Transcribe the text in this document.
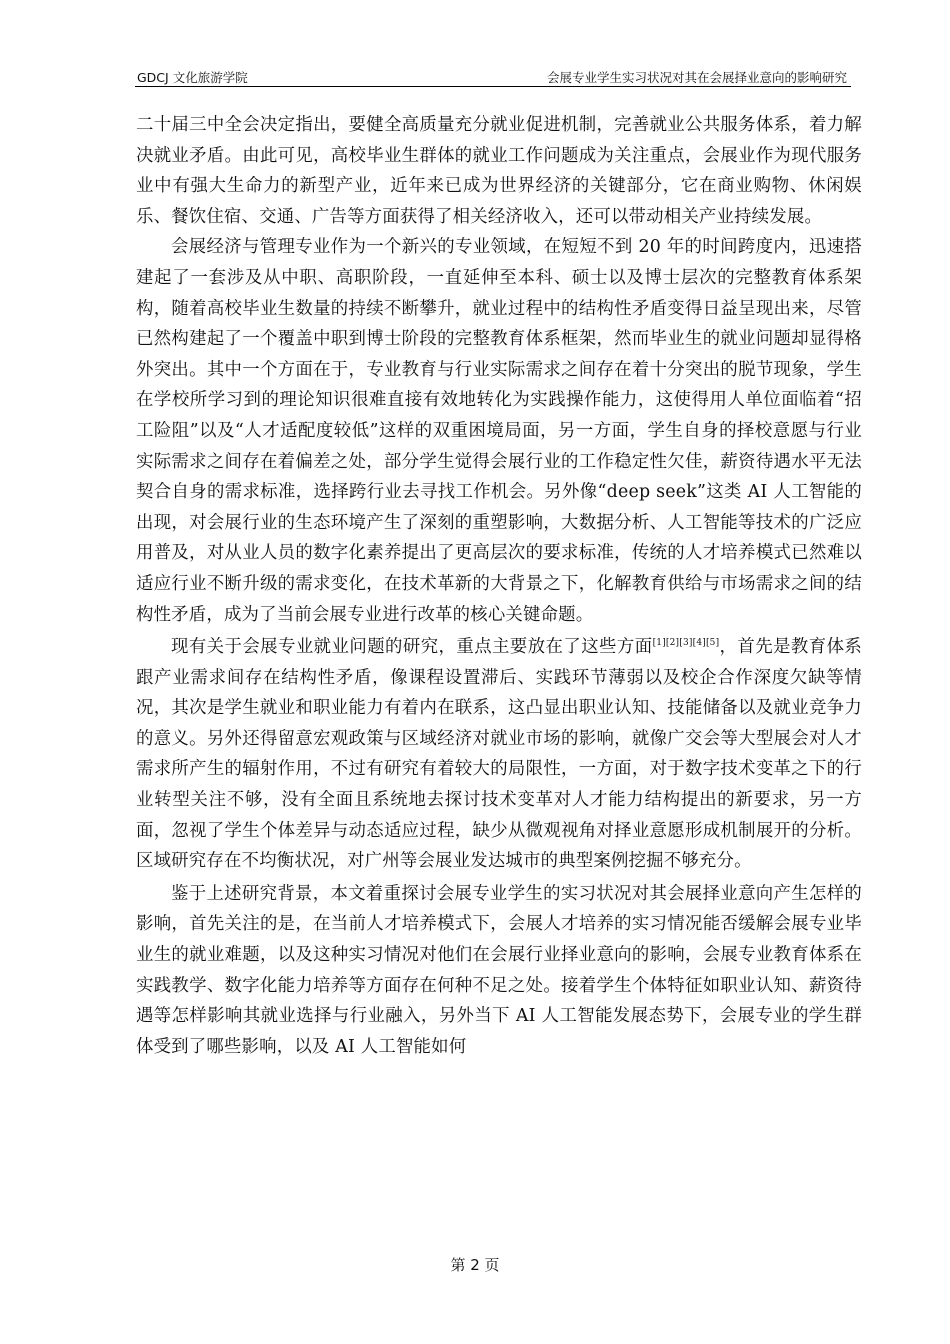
GDCJ 文化旅游学院	会展专业学生实习状况对其在会展择业意向的影响研究

二十届三中全会决定指出，要健全高质量充分就业促进机制，完善就业公共服务体系，着力解决就业矛盾。由此可见，高校毕业生群体的就业工作问题成为关注重点，会展业作为现代服务业中有强大生命力的新型产业，近年来已成为世界经济的关键部分，它在商业购物、休闲娱乐、餐饮住宿、交通、广告等方面获得了相关经济收入，还可以带动相关产业持续发展。

会展经济与管理专业作为一个新兴的专业领域，在短短不到 20 年的时间跨度内，迅速搭建起了一套涉及从中职、高职阶段，一直延伸至本科、硕士以及博士层次的完整教育体系架构，随着高校毕业生数量的持续不断攀升，就业过程中的结构性矛盾变得日益呈现出来，尽管已然构建起了一个覆盖中职到博士阶段的完整教育体系框架，然而毕业生的就业问题却显得格外突出。其中一个方面在于，专业教育与行业实际需求之间存在着十分突出的脱节现象，学生在学校所学习到的理论知识很难直接有效地转化为实践操作能力，这使得用人单位面临着“招工险阻”以及“人才适配度较低”这样的双重困境局面，另一方面，学生自身的择校意愿与行业实际需求之间存在着偏差之处，部分学生觉得会展行业的工作稳定性欠佳，薪资待遇水平无法契合自身的需求标准，选择跨行业去寻找工作机会。另外像“deep seek”这类 AI 人工智能的出现，对会展行业的生态环境产生了深刻的重塑影响，大数据分析、人工智能等技术的广泛应用普及，对从业人员的数字化素养提出了更高层次的要求标准，传统的人才培养模式已然难以适应行业不断升级的需求变化，在技术革新的大背景之下，化解教育供给与市场需求之间的结构性矛盾，成为了当前会展专业进行改革的核心关键命题。

现有关于会展专业就业问题的研究，重点主要放在了这些方面[1][2][3][4][5]，首先是教育体系跟产业需求间存在结构性矛盾，像课程设置滞后、实践环节薄弱以及校企合作深度欠缺等情况，其次是学生就业和职业能力有着内在联系，这凸显出职业认知、技能储备以及就业竞争力的意义。另外还得留意宏观政策与区域经济对就业市场的影响，就像广交会等大型展会对人才需求所产生的辐射作用，不过有研究有着较大的局限性，一方面，对于数字技术变革之下的行业转型关注不够，没有全面且系统地去探讨技术变革对人才能力结构提出的新要求，另一方面，忽视了学生个体差异与动态适应过程，缺少从微观视角对择业意愿形成机制展开的分析。区域研究存在不均衡状况，对广州等会展业发达城市的典型案例挖掘不够充分。

鉴于上述研究背景，本文着重探讨会展专业学生的实习状况对其会展择业意向产生怎样的影响，首先关注的是，在当前人才培养模式下，会展人才培养的实习情况能否缓解会展专业毕业生的就业难题，以及这种实习情况对他们在会展行业择业意向的影响，会展专业教育体系在实践教学、数字化能力培养等方面存在何种不足之处。接着学生个体特征如职业认知、薪资待遇等怎样影响其就业选择与行业融入，另外当下 AI 人工智能发展态势下，会展专业的学生群体受到了哪些影响，以及 AI 人工智能如何

第 2 页
